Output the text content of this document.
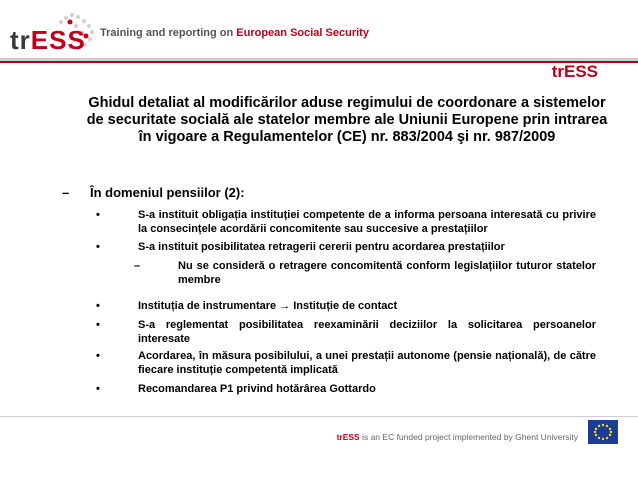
trESS Training and reporting on European Social Security
trESS
Ghidul detaliat al modificărilor aduse regimului de coordonare a sistemelor de securitate socială ale statelor membre ale Uniunii Europene prin intrarea în vigoare a Regulamentelor (CE) nr. 883/2004 şi nr. 987/2009
– În domeniul pensiilor (2):
•	S-a instituit obligația instituției competente de a informa persoana interesată cu privire la consecințele acordării concomitente sau succesive a prestațiilor
•	S-a instituit posibilitatea retragerii cererii pentru acordarea prestațiilor
–	Nu se consideră o retragere concomitentă conform legislațiilor tuturor statelor membre
•	Instituția de instrumentare → Instituție de contact
•	S-a reglementat posibilitatea reexaminării deciziilor la solicitarea persoanelor interesate
•	Acordarea, în măsura posibilului, a unei prestații autonome (pensie națională), de către fiecare instituție competentă implicată
•	Recomandarea P1 privind hotărârea Gottardo
trESS is an EC funded project implemented by Ghent University
